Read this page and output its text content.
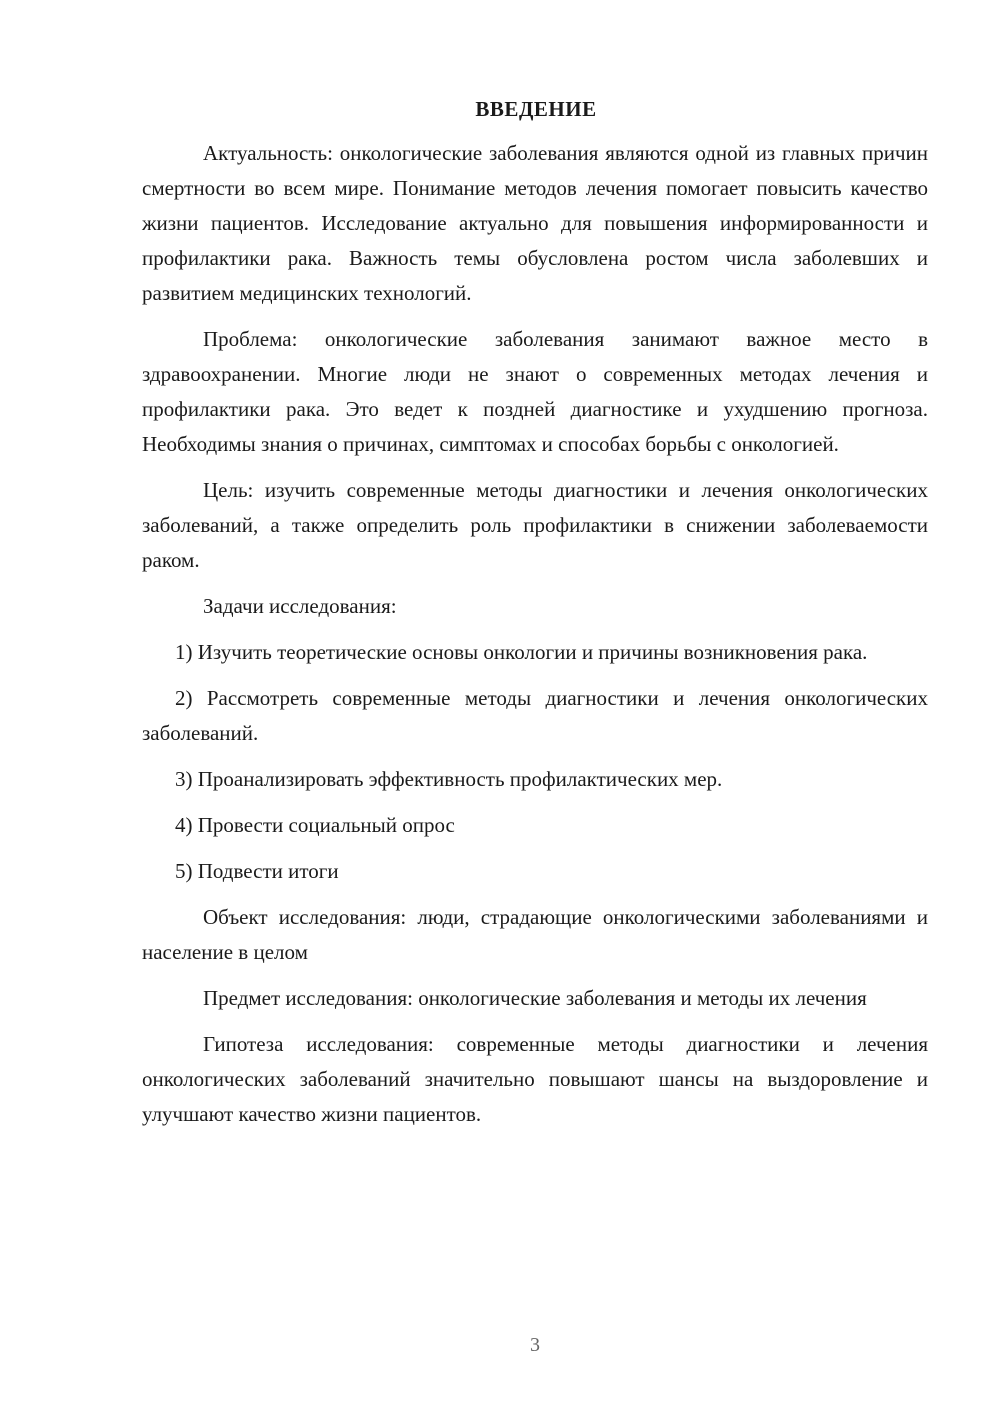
ВВЕДЕНИЕ

Актуальность: онкологические заболевания являются одной из главных причин смертности во всем мире. Понимание методов лечения помогает повысить качество жизни пациентов. Исследование актуально для повышения информированности и профилактики рака. Важность темы обусловлена ростом числа заболевших и развитием медицинских технологий.

Проблема: онкологические заболевания занимают важное место в здравоохранении. Многие люди не знают о современных методах лечения и профилактики рака. Это ведет к поздней диагностике и ухудшению прогноза. Необходимы знания о причинах, симптомах и способах борьбы с онкологией.

Цель: изучить современные методы диагностики и лечения онкологических заболеваний, а также определить роль профилактики в снижении заболеваемости раком.

Задачи исследования:

1) Изучить теоретические основы онкологии и причины возникновения рака.

2) Рассмотреть современные методы диагностики и лечения онкологических заболеваний.

3) Проанализировать эффективность профилактических мер.

4) Провести социальный опрос

5) Подвести итоги

Объект исследования: люди, страдающие онкологическими заболеваниями и население в целом

Предмет исследования: онкологические заболевания и методы их лечения

Гипотеза исследования: современные методы диагностики и лечения онкологических заболеваний значительно повышают шансы на выздоровление и улучшают качество жизни пациентов.

3
